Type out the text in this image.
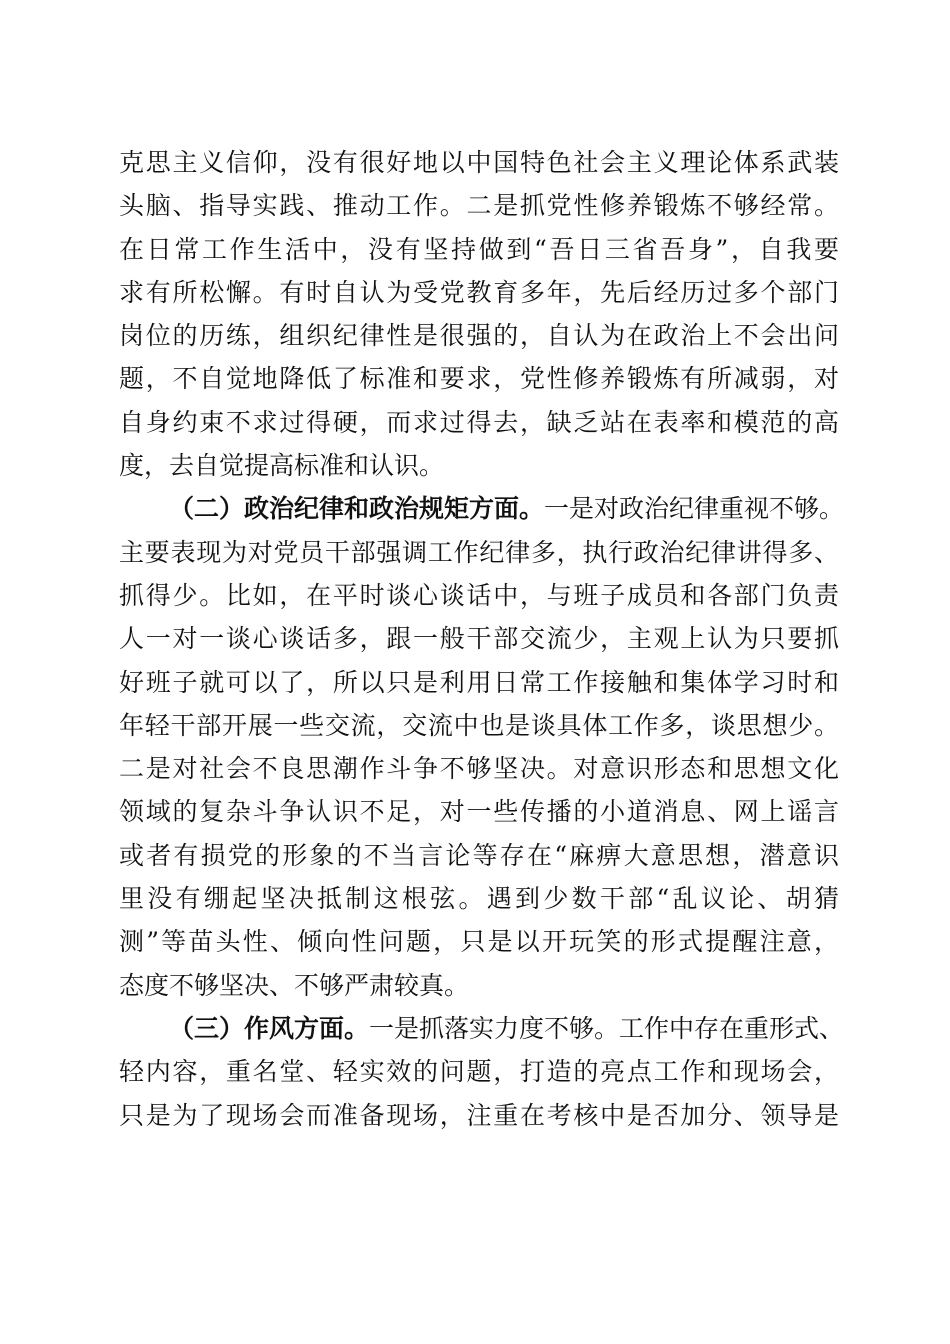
克思主义信仰，没有很好地以中国特色社会主义理论体系武装
头脑、指导实践、推动工作。二是抓党性修养锻炼不够经常。
在日常工作生活中，没有坚持做到“吾日三省吾身”，自我要
求有所松懈。有时自认为受党教育多年，先后经历过多个部门
岗位的历练，组织纪律性是很强的，自认为在政治上不会出问
题，不自觉地降低了标准和要求，党性修养锻炼有所减弱，对
自身约束不求过得硬，而求过得去，缺乏站在表率和模范的高
度，去自觉提高标准和认识。
（二）政治纪律和政治规矩方面。一是对政治纪律重视不够。
主要表现为对党员干部强调工作纪律多，执行政治纪律讲得多、
抓得少。比如，在平时谈心谈话中，与班子成员和各部门负责
人一对一谈心谈话多，跟一般干部交流少，主观上认为只要抓
好班子就可以了，所以只是利用日常工作接触和集体学习时和
年轻干部开展一些交流，交流中也是谈具体工作多，谈思想少。
二是对社会不良思潮作斗争不够坚决。对意识形态和思想文化
领域的复杂斗争认识不足，对一些传播的小道消息、网上谣言
或者有损党的形象的不当言论等存在“麻痹大意思想，潜意识
里没有绷起坚决抵制这根弦。遇到少数干部“乱议论、胡猜
测”等苗头性、倾向性问题，只是以开玩笑的形式提醒注意，
态度不够坚决、不够严肃较真。
（三）作风方面。一是抓落实力度不够。工作中存在重形式、
轻内容，重名堂、轻实效的问题，打造的亮点工作和现场会，
只是为了现场会而准备现场，注重在考核中是否加分、领导是
